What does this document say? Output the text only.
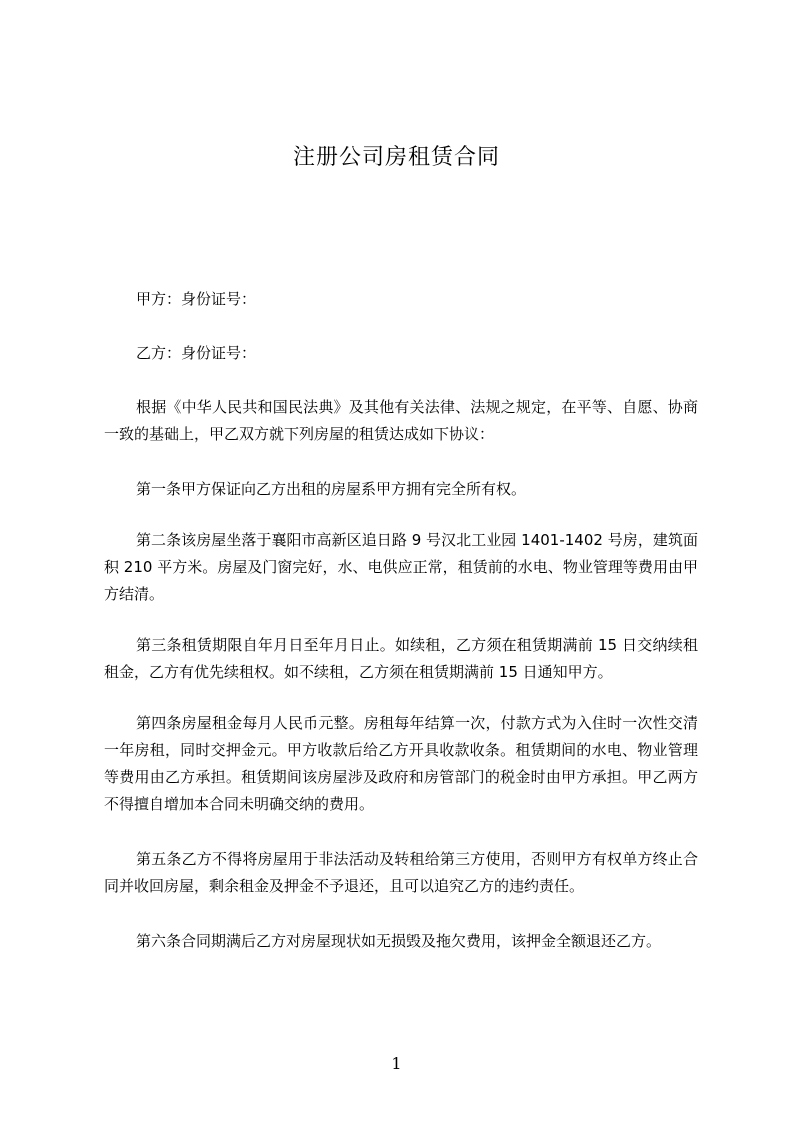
注册公司房租赁合同

甲方：身份证号：

乙方：身份证号：

根据《中华人民共和国民法典》及其他有关法律、法规之规定，在平等、自愿、协商一致的基础上，甲乙双方就下列房屋的租赁达成如下协议：

第一条甲方保证向乙方出租的房屋系甲方拥有完全所有权。

第二条该房屋坐落于襄阳市高新区追日路 9 号汉北工业园 1401-1402 号房，建筑面积 210 平方米。房屋及门窗完好，水、电供应正常，租赁前的水电、物业管理等费用由甲方结清。

第三条租赁期限自年月日至年月日止。如续租，乙方须在租赁期满前 15 日交纳续租租金，乙方有优先续租权。如不续租，乙方须在租赁期满前 15 日通知甲方。

第四条房屋租金每月人民币元整。房租每年结算一次，付款方式为入住时一次性交清一年房租，同时交押金元。甲方收款后给乙方开具收款收条。租赁期间的水电、物业管理等费用由乙方承担。租赁期间该房屋涉及政府和房管部门的税金时由甲方承担。甲乙两方不得擅自增加本合同未明确交纳的费用。

第五条乙方不得将房屋用于非法活动及转租给第三方使用，否则甲方有权单方终止合同并收回房屋，剩余租金及押金不予退还，且可以追究乙方的违约责任。

第六条合同期满后乙方对房屋现状如无损毁及拖欠费用，该押金全额退还乙方。

1
